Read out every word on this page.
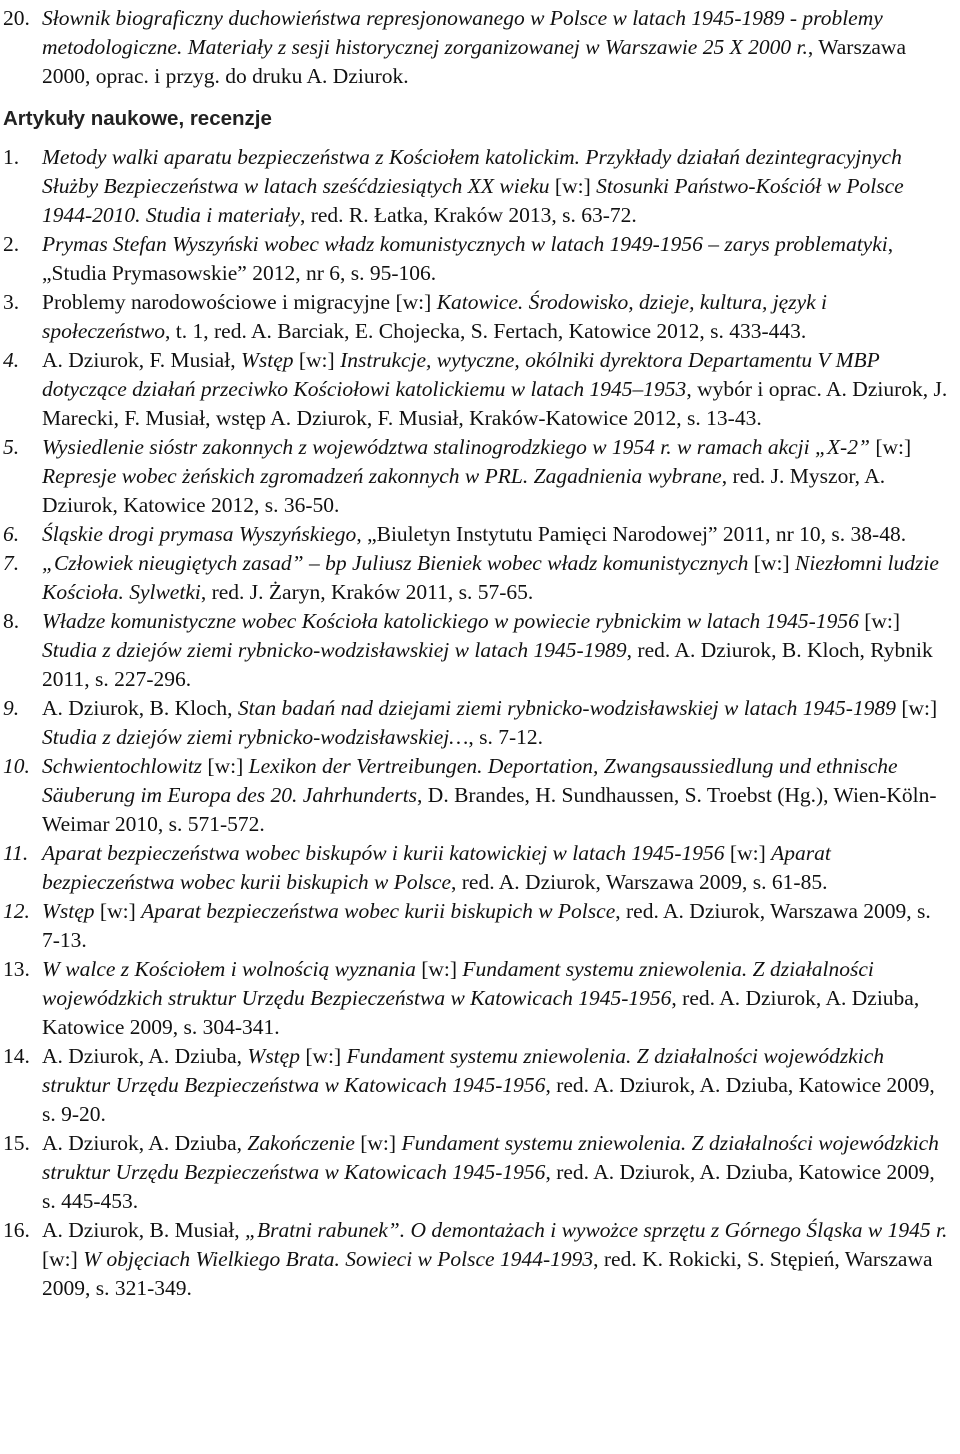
20. Słownik biograficzny duchowieństwa represjonowanego w Polsce w latach 1945-1989 - problemy metodologiczne. Materiały z sesji historycznej zorganizowanej w Warszawie 25 X 2000 r., Warszawa 2000, oprac. i przyg. do druku A. Dziurok.
Artykuły naukowe, recenzje
1. Metody walki aparatu bezpieczeństwa z Kościołem katolickim. Przykłady działań dezintegracyjnych Służby Bezpieczeństwa w latach sześćdziesiątych XX wieku [w:] Stosunki Państwo-Kościół w Polsce 1944-2010. Studia i materiały, red. R. Łatka, Kraków 2013, s. 63-72.
2. Prymas Stefan Wyszyński wobec władz komunistycznych w latach 1949-1956 – zarys problematyki, „Studia Prymasowskie” 2012, nr 6, s. 95-106.
3. Problemy narodowościowe i migracyjne [w:] Katowice. Środowisko, dzieje, kultura, język i społeczeństwo, t. 1, red. A. Barciak, E. Chojecka, S. Fertach, Katowice 2012, s. 433-443.
4. A. Dziurok, F. Musiał, Wstęp [w:] Instrukcje, wytyczne, okólniki dyrektora Departamentu V MBP dotyczące działań przeciwko Kościołowi katolickiemu w latach 1945–1953, wybór i oprac. A. Dziurok, J. Marecki, F. Musiał, wstęp A. Dziurok, F. Musiał, Kraków-Katowice 2012, s. 13-43.
5. Wysiedlenie sióstr zakonnych z województwa stalinogrodzkiego w 1954 r. w ramach akcji „X-2” [w:] Represje wobec żeńskich zgromadzeń zakonnych w PRL. Zagadnienia wybrane, red. J. Myszor, A. Dziurok, Katowice 2012, s. 36-50.
6. Śląskie drogi prymasa Wyszyńskiego, „Biuletyn Instytutu Pamięci Narodowej” 2011, nr 10, s. 38-48.
7. „Człowiek nieugiętych zasad” – bp Juliusz Bieniek wobec władz komunistycznych [w:] Niezłomni ludzie Kościoła. Sylwetki, red. J. Żaryn, Kraków 2011, s. 57-65.
8. Władze komunistyczne wobec Kościoła katolickiego w powiecie rybnickim w latach 1945-1956 [w:] Studia z dziejów ziemi rybnicko-wodzisławskiej w latach 1945-1989, red. A. Dziurok, B. Kloch, Rybnik 2011, s. 227-296.
9. A. Dziurok, B. Kloch, Stan badań nad dziejami ziemi rybnicko-wodzisławskiej w latach 1945-1989 [w:] Studia z dziejów ziemi rybnicko-wodzisławskiej…, s. 7-12.
10. Schwientochlowitz [w:] Lexikon der Vertreibungen. Deportation, Zwangsaussiedlung und ethnische Säuberung im Europa des 20. Jahrhunderts, D. Brandes, H. Sundhaussen, S. Troebst (Hg.), Wien-Köln-Weimar 2010, s. 571-572.
11. Aparat bezpieczeństwa wobec biskupów i kurii katowickiej w latach 1945-1956 [w:] Aparat bezpieczeństwa wobec kurii biskupich w Polsce, red. A. Dziurok, Warszawa 2009, s. 61-85.
12. Wstęp [w:] Aparat bezpieczeństwa wobec kurii biskupich w Polsce, red. A. Dziurok, Warszawa 2009, s. 7-13.
13. W walce z Kościołem i wolnością wyznania [w:] Fundament systemu zniewolenia. Z działalności wojewódzkich struktur Urzędu Bezpieczeństwa w Katowicach 1945-1956, red. A. Dziurok, A. Dziuba, Katowice 2009, s. 304-341.
14. A. Dziurok, A. Dziuba, Wstęp [w:] Fundament systemu zniewolenia. Z działalności wojewódzkich struktur Urzędu Bezpieczeństwa w Katowicach 1945-1956, red. A. Dziurok, A. Dziuba, Katowice 2009, s. 9-20.
15. A. Dziurok, A. Dziuba, Zakończenie [w:] Fundament systemu zniewolenia. Z działalności wojewódzkich struktur Urzędu Bezpieczeństwa w Katowicach 1945-1956, red. A. Dziurok, A. Dziuba, Katowice 2009, s. 445-453.
16. A. Dziurok, B. Musiał, „Bratni rabunek”. O demontażach i wywożce sprzętu z Górnego Śląska w 1945 r. [w:] W objęciach Wielkiego Brata. Sowieci w Polsce 1944-1993, red. K. Rokicki, S. Stępień, Warszawa 2009, s. 321-349.
